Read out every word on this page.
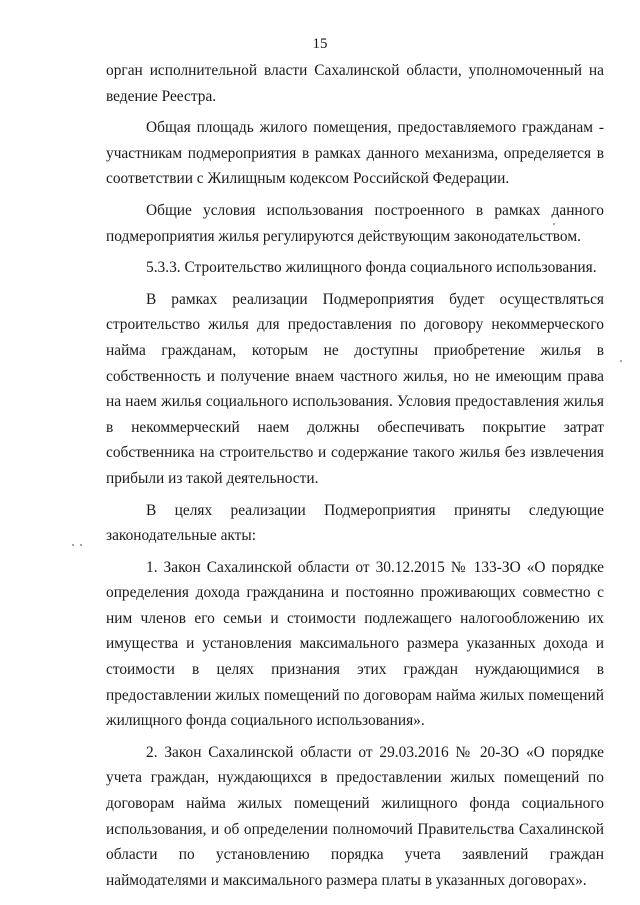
15

орган исполнительной власти Сахалинской области, уполномоченный на ведение Реестра.

Общая площадь жилого помещения, предоставляемого гражданам - участникам подмероприятия в рамках данного механизма, определяется в соответствии с Жилищным кодексом Российской Федерации.

Общие условия использования построенного в рамках данного подмероприятия жилья регулируются действующим законодательством.

5.3.3. Строительство жилищного фонда социального использования.

В рамках реализации Подмероприятия будет осуществляться строительство жилья для предоставления по договору некоммерческого найма гражданам, которым не доступны приобретение жилья в собственность и получение внаем частного жилья, но не имеющим права на наем жилья социального использования. Условия предоставления жилья в некоммерческий наем должны обеспечивать покрытие затрат собственника на строительство и содержание такого жилья без извлечения прибыли из такой деятельности.

В целях реализации Подмероприятия приняты следующие законодательные акты:

1. Закон Сахалинской области от 30.12.2015 № 133-ЗО «О порядке определения дохода гражданина и постоянно проживающих совместно с ним членов его семьи и стоимости подлежащего налогообложению их имущества и установления максимального размера указанных дохода и стоимости в целях признания этих граждан нуждающимися в предоставлении жилых помещений по договорам найма жилых помещений жилищного фонда социального использования».

2. Закон Сахалинской области от 29.03.2016 № 20-ЗО «О порядке учета граждан, нуждающихся в предоставлении жилых помещений по договорам найма жилых помещений жилищного фонда социального использования, и об определении полномочий Правительства Сахалинской области по установлению порядка учета заявлений граждан наймодателями и максимального размера платы в указанных договорах».
